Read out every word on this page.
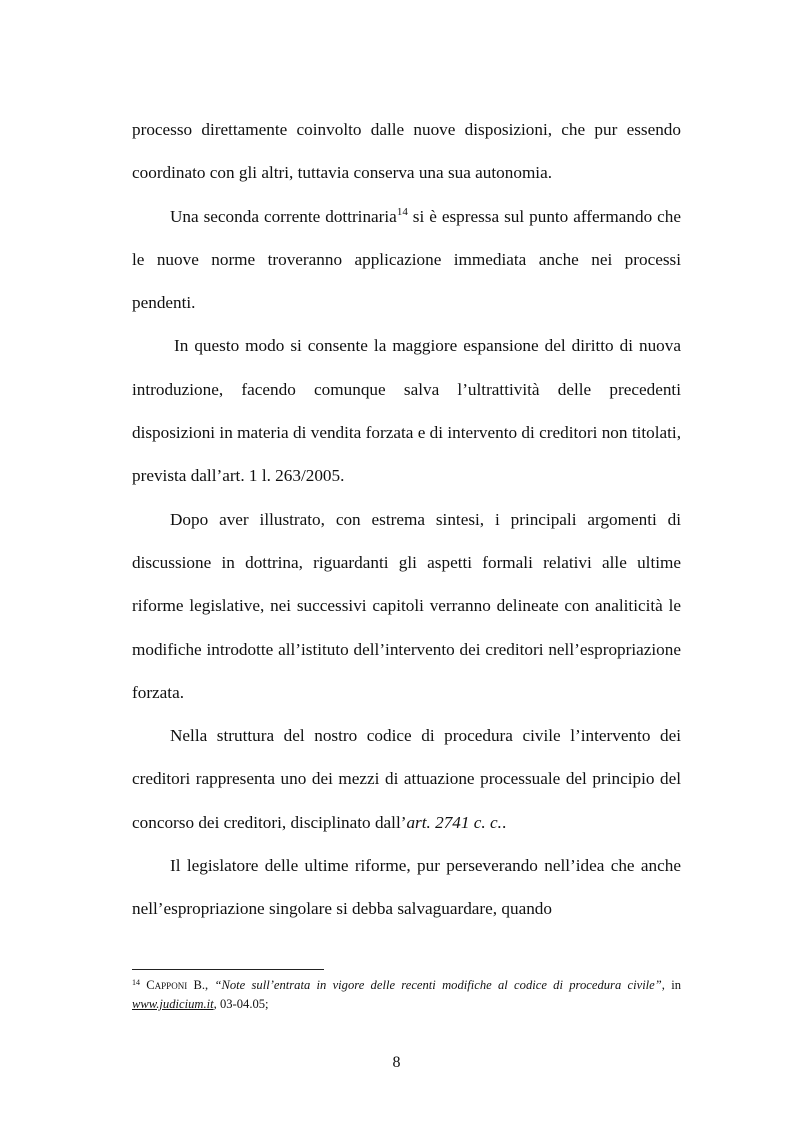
processo direttamente coinvolto dalle nuove disposizioni, che pur essendo coordinato con gli altri, tuttavia conserva una sua autonomia.

Una seconda corrente dottrinaria$^{14}$ si è espressa sul punto affermando che le nuove norme troveranno applicazione immediata anche nei processi pendenti.

In questo modo si consente la maggiore espansione del diritto di nuova introduzione, facendo comunque salva l’ultrattività delle precedenti disposizioni in materia di vendita forzata e di intervento di creditori non titolati, prevista dall’art. 1 l. 263/2005.

Dopo aver illustrato, con estrema sintesi, i principali argomenti di discussione in dottrina, riguardanti gli aspetti formali relativi alle ultime riforme legislative, nei successivi capitoli verranno delineate con analiticità le modifiche introdotte all’istituto dell’intervento dei creditori nell’espropriazione forzata.

Nella struttura del nostro codice di procedura civile l’intervento dei creditori rappresenta uno dei mezzi di attuazione processuale del principio del concorso dei creditori, disciplinato dall’art. 2741 c. c..

Il legislatore delle ultime riforme, pur perseverando nell’idea che anche nell’espropriazione singolare si debba salvaguardare, quando

$^{14}$ Capponi B., “Note sull’entrata in vigore delle recenti modifiche al codice di procedura civile”, in www.judicium.it, 03-04.05;
8
